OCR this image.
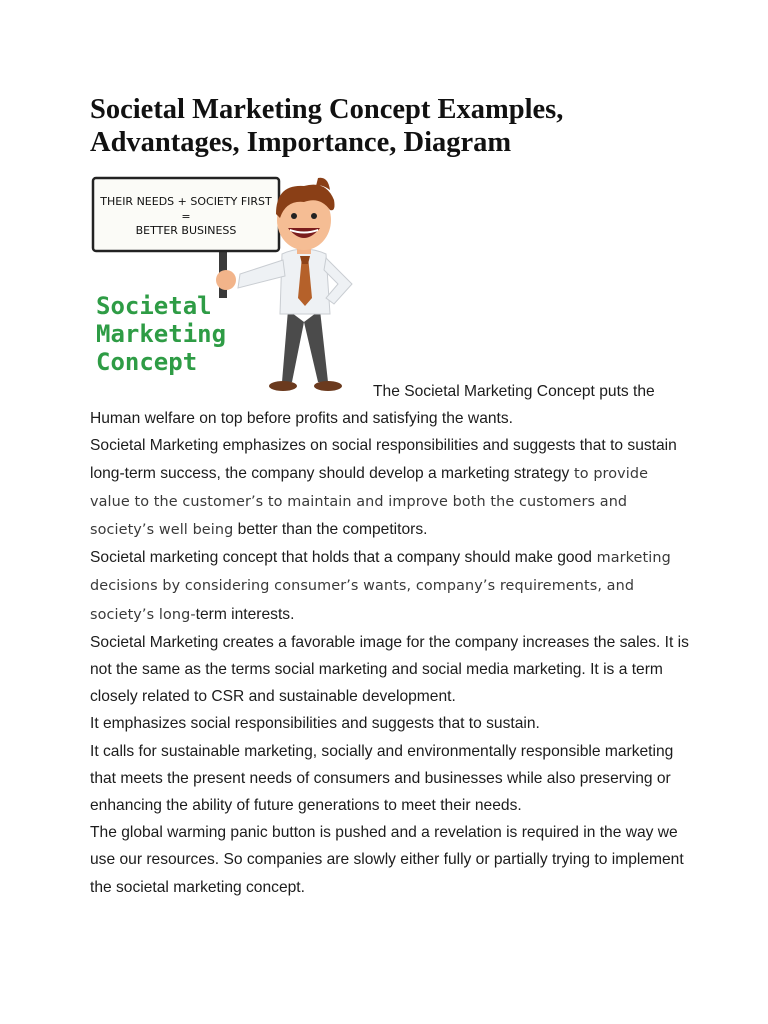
Societal Marketing Concept Examples, Advantages, Importance, Diagram
THEIR NEEDS + SOCIETY FIRST
=
BETTER BUSINESS
Societal
Marketing
Concept

The Societal Marketing Concept puts the Human welfare on top before profits and satisfying the wants.

Societal Marketing emphasizes on social responsibilities and suggests that to sustain long-term success, the company should develop a marketing strategy to provide value to the customer’s to maintain and improve both the customers and society’s well being better than the competitors.

Societal marketing concept that holds that a company should make good marketing decisions by considering consumer’s wants, company’s requirements, and society’s long-term interests.

Societal Marketing creates a favorable image for the company increases the sales. It is not the same as the terms social marketing and social media marketing. It is a term closely related to CSR and sustainable development.

It emphasizes social responsibilities and suggests that to sustain.

It calls for sustainable marketing, socially and environmentally responsible marketing that meets the present needs of consumers and businesses while also preserving or enhancing the ability of future generations to meet their needs.

The global warming panic button is pushed and a revelation is required in the way we use our resources. So companies are slowly either fully or partially trying to implement the societal marketing concept.
